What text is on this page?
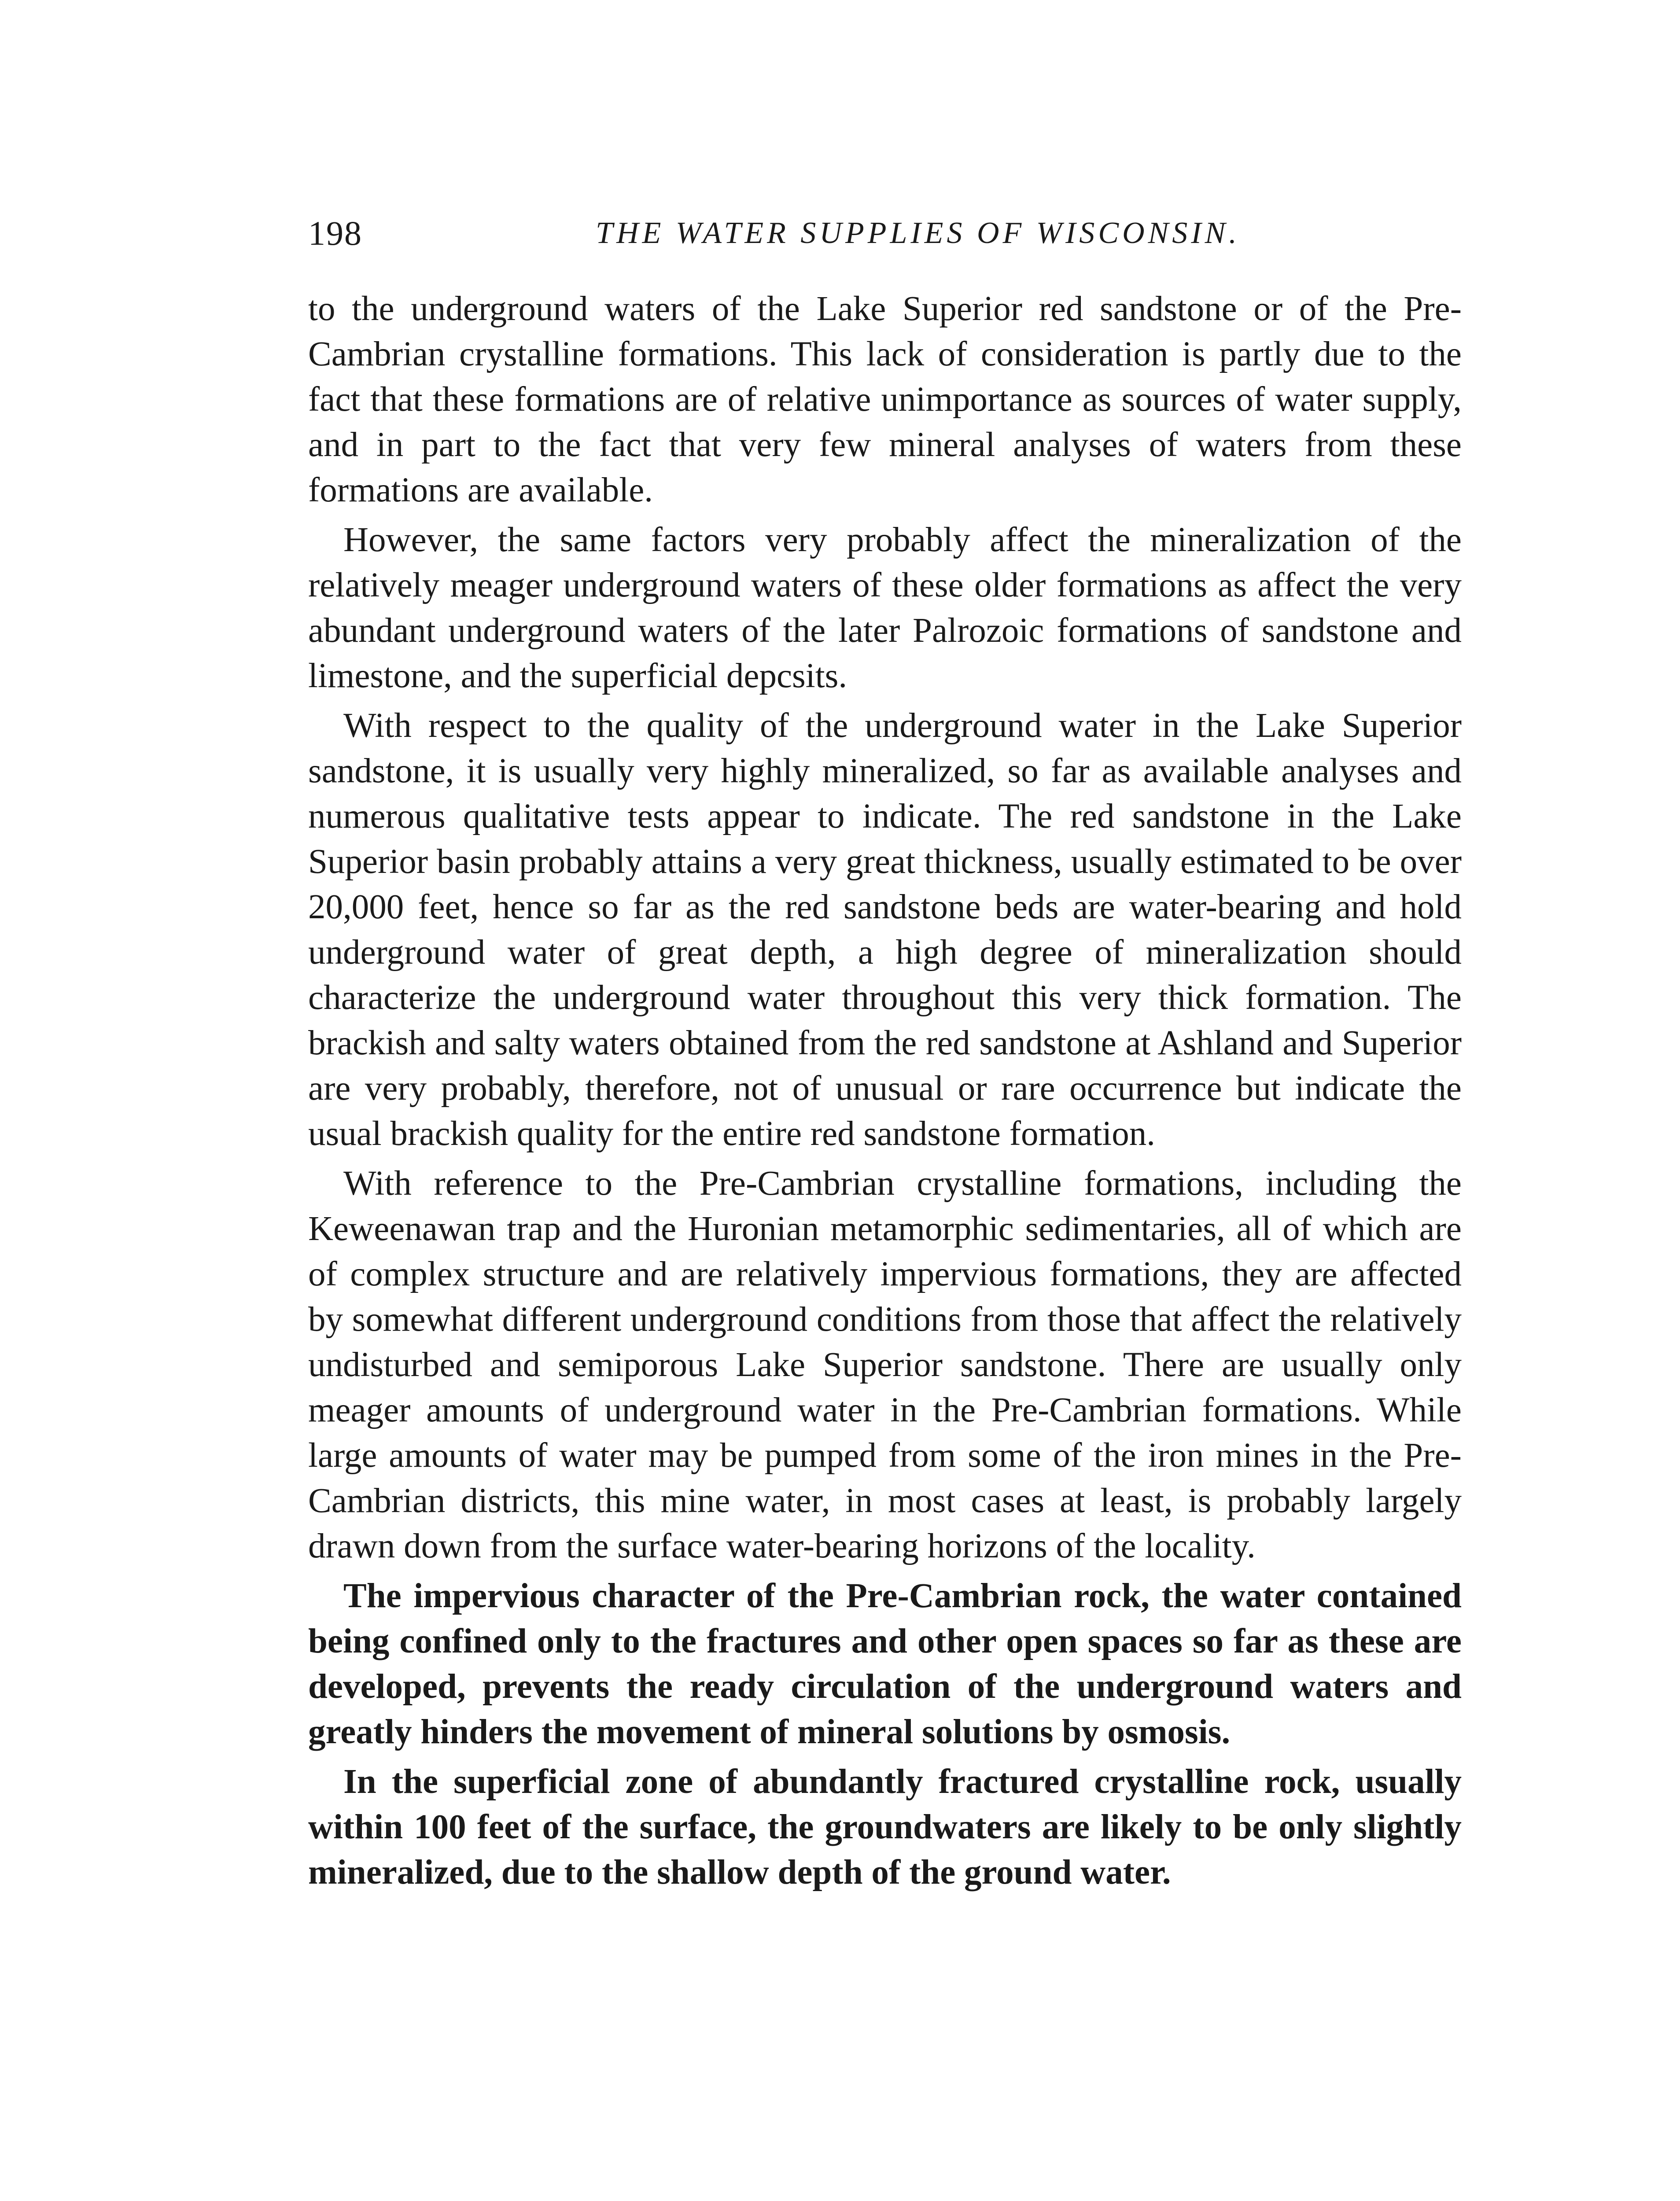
198	THE WATER SUPPLIES OF WISCONSIN.

to the underground waters of the Lake Superior red sandstone or of the Pre-Cambrian crystalline formations. This lack of consideration is partly due to the fact that these formations are of relative unimportance as sources of water supply, and in part to the fact that very few mineral analyses of waters from these formations are available.

However, the same factors very probably affect the mineralization of the relatively meager underground waters of these older formations as affect the very abundant underground waters of the later Palrozoic formations of sandstone and limestone, and the superficial depcsits.

With respect to the quality of the underground water in the Lake Superior sandstone, it is usually very highly mineralized, so far as available analyses and numerous qualitative tests appear to indicate. The red sandstone in the Lake Superior basin probably attains a very great thickness, usually estimated to be over 20,000 feet, hence so far as the red sandstone beds are water-bearing and hold underground water of great depth, a high degree of mineralization should characterize the underground water throughout this very thick formation. The brackish and salty waters obtained from the red sandstone at Ashland and Superior are very probably, therefore, not of unusual or rare occurrence but indicate the usual brackish quality for the entire red sandstone formation.

With reference to the Pre-Cambrian crystalline formations, including the Keweenawan trap and the Huronian metamorphic sedimentaries, all of which are of complex structure and are relatively impervious formations, they are affected by somewhat different underground conditions from those that affect the relatively undisturbed and semiporous Lake Superior sandstone. There are usually only meager amounts of underground water in the Pre-Cambrian formations. While large amounts of water may be pumped from some of the iron mines in the Pre-Cambrian districts, this mine water, in most cases at least, is probably largely drawn down from the surface water-bearing horizons of the locality.

The impervious character of the Pre-Cambrian rock, the water contained being confined only to the fractures and other open spaces so far as these are developed, prevents the ready circulation of the underground waters and greatly hinders the movement of mineral solutions by osmosis.

In the superficial zone of abundantly fractured crystalline rock, usually within 100 feet of the surface, the groundwaters are likely to be only slightly mineralized, due to the shallow depth of the ground water.
